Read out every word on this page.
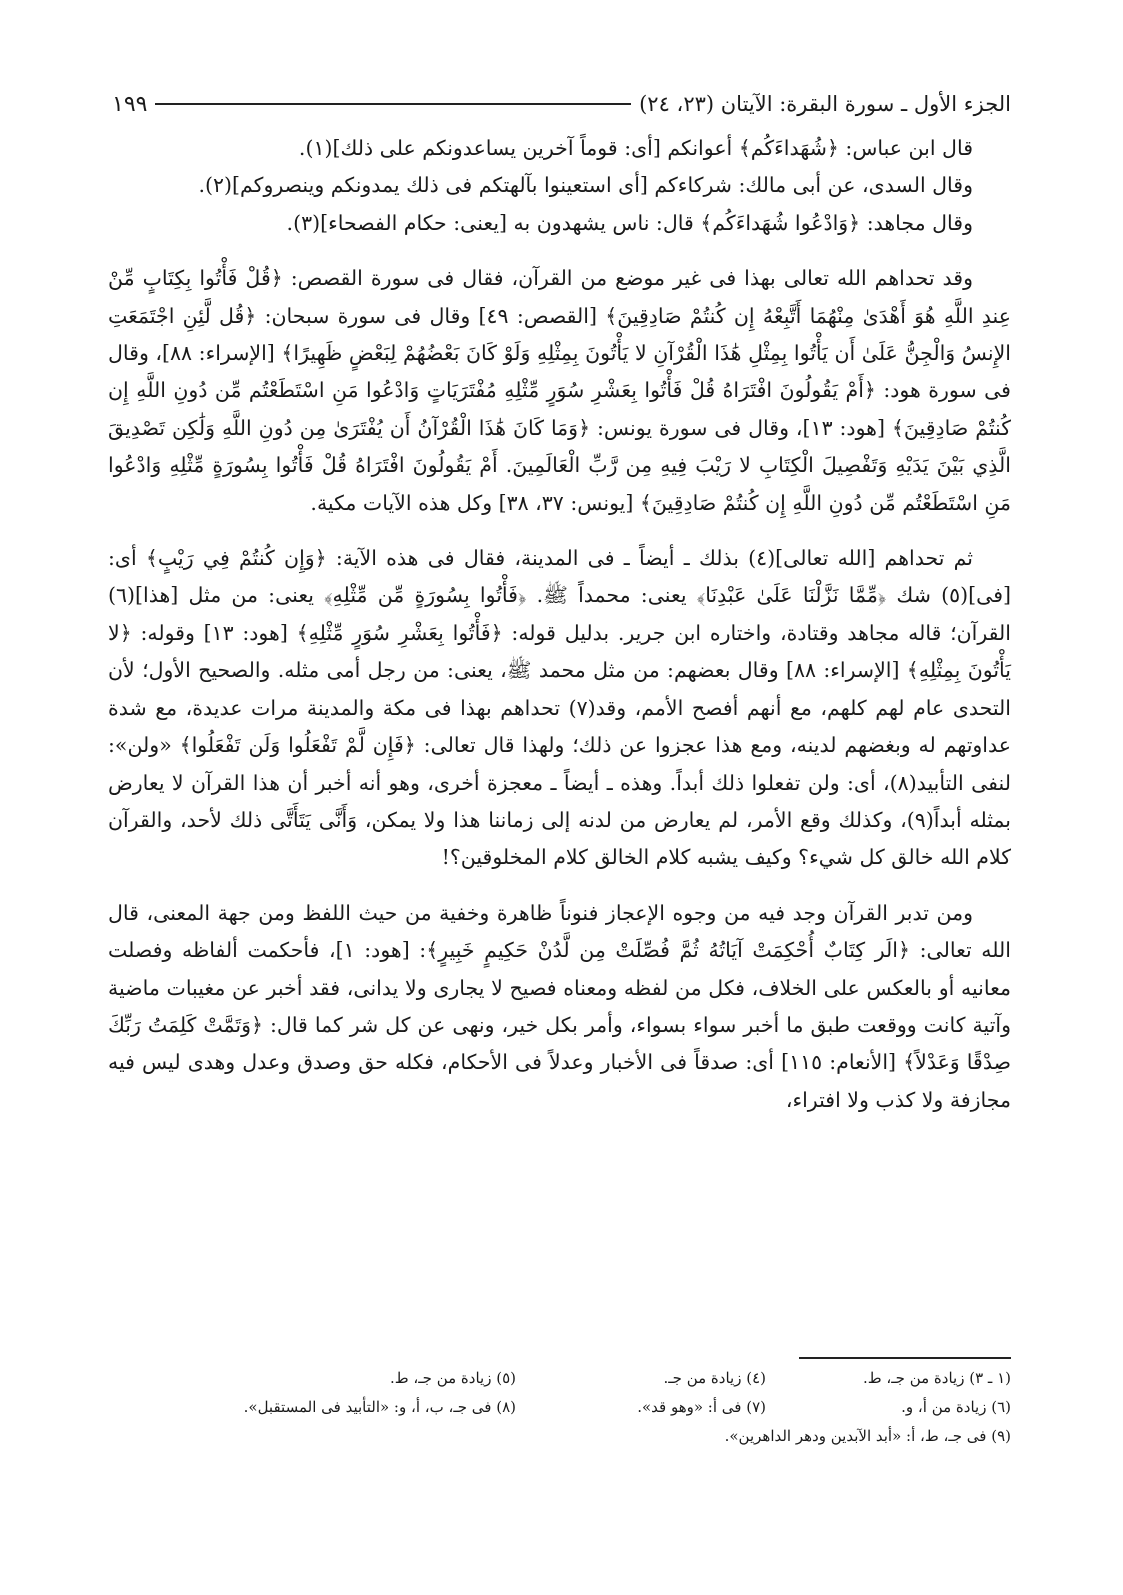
الجزء الأول ـ سورة البقرة: الآيتان (٢٣، ٢٤)
١٩٩

قال ابن عباس: ﴿شُهَداءَكُم﴾ أعوانكم [أى: قوماً آخرين يساعدونكم على ذلك](١).

وقال السدى، عن أبى مالك: شركاءكم [أى استعينوا بآلهتكم فى ذلك يمدونكم وينصروكم](٢).

وقال مجاهد: ﴿وَادْعُوا شُهَداءَكُم﴾ قال: ناس يشهدون به [يعنى: حكام الفصحاء](٣).

وقد تحداهم الله تعالى بهذا فى غير موضع من القرآن، فقال فى سورة القصص: ﴿قُلْ فَأْتُوا بِكِتَابٍ مِّنْ عِندِ اللَّهِ هُوَ أَهْدَىٰ مِنْهُمَا أَتَّبِعْهُ إِن كُنتُمْ صَادِقِينَ﴾ [القصص: ٤٩] وقال فى سورة سبحان: ﴿قُل لَّئِنِ اجْتَمَعَتِ الإِنسُ وَالْجِنُّ عَلَىٰ أَن يَأْتُوا بِمِثْلِ هَٰذَا الْقُرْآنِ لا يَأْتُونَ بِمِثْلِهِ وَلَوْ كَانَ بَعْضُهُمْ لِبَعْضٍ ظَهِيرًا﴾ [الإسراء: ٨٨]، وقال فى سورة هود: ﴿أَمْ يَقُولُونَ افْتَرَاهُ قُلْ فَأْتُوا بِعَشْرِ سُوَرٍ مِّثْلِهِ مُفْتَرَيَاتٍ وَادْعُوا مَنِ اسْتَطَعْتُم مِّن دُونِ اللَّهِ إِن كُنتُمْ صَادِقِينَ﴾ [هود: ١٣]، وقال فى سورة يونس: ﴿وَمَا كَانَ هَٰذَا الْقُرْآنُ أَن يُفْتَرَىٰ مِن دُونِ اللَّهِ وَلَٰكِن تَصْدِيقَ الَّذِي بَيْنَ يَدَيْهِ وَتَفْصِيلَ الْكِتَابِ لا رَيْبَ فِيهِ مِن رَّبِّ الْعَالَمِينَ. أَمْ يَقُولُونَ افْتَرَاهُ قُلْ فَأْتُوا بِسُورَةٍ مِّثْلِهِ وَادْعُوا مَنِ اسْتَطَعْتُم مِّن دُونِ اللَّهِ إِن كُنتُمْ صَادِقِينَ﴾ [يونس: ٣٧، ٣٨] وكل هذه الآيات مكية.

ثم تحداهم [الله تعالى](٤) بذلك ـ أيضاً ـ فى المدينة، فقال فى هذه الآية: ﴿وَإِن كُنتُمْ فِي رَيْبٍ﴾ أى: [فى](٥) شك ﴿مِّمَّا نَزَّلْنَا عَلَىٰ عَبْدِنَا﴾ يعنى: محمداً ﷺ. ﴿فَأْتُوا بِسُورَةٍ مِّن مِّثْلِهِ﴾ يعنى: من مثل [هذا](٦) القرآن؛ قاله مجاهد وقتادة، واختاره ابن جرير. بدليل قوله: ﴿فَأْتُوا بِعَشْرِ سُوَرٍ مِّثْلِهِ﴾ [هود: ١٣] وقوله: ﴿لا يَأْتُونَ بِمِثْلِهِ﴾ [الإسراء: ٨٨] وقال بعضهم: من مثل محمد ﷺ، يعنى: من رجل أمى مثله. والصحيح الأول؛ لأن التحدى عام لهم كلهم، مع أنهم أفصح الأمم، وقد(٧) تحداهم بهذا فى مكة والمدينة مرات عديدة، مع شدة عداوتهم له وبغضهم لدينه، ومع هذا عجزوا عن ذلك؛ ولهذا قال تعالى: ﴿فَإِن لَّمْ تَفْعَلُوا وَلَن تَفْعَلُوا﴾ «ولن»: لنفى التأبيد(٨)، أى: ولن تفعلوا ذلك أبداً. وهذه ـ أيضاً ـ معجزة أخرى، وهو أنه أخبر أن هذا القرآن لا يعارض بمثله أبداً(٩)، وكذلك وقع الأمر، لم يعارض من لدنه إلى زماننا هذا ولا يمكن، وَأَنَّى يَتَأَتَّى ذلك لأحد، والقرآن كلام الله خالق كل شيء؟ وكيف يشبه كلام الخالق كلام المخلوقين؟!

ومن تدبر القرآن وجد فيه من وجوه الإعجاز فنوناً ظاهرة وخفية من حيث اللفظ ومن جهة المعنى، قال الله تعالى: ﴿الَر كِتَابٌ أُحْكِمَتْ آيَاتُهُ ثُمَّ فُصِّلَتْ مِن لَّدُنْ حَكِيمٍ خَبِيرٍ﴾: [هود: ١]، فأحكمت ألفاظه وفصلت معانيه أو بالعكس على الخلاف، فكل من لفظه ومعناه فصيح لا يجارى ولا يدانى، فقد أخبر عن مغيبات ماضية وآتية كانت ووقعت طبق ما أخبر سواء بسواء، وأمر بكل خير، ونهى عن كل شر كما قال: ﴿وَتَمَّتْ كَلِمَتُ رَبِّكَ صِدْقًا وَعَدْلاً﴾ [الأنعام: ١١٥] أى: صدقاً فى الأخبار وعدلاً فى الأحكام، فكله حق وصدق وعدل وهدى ليس فيه مجازفة ولا كذب ولا افتراء،

(١ ـ ٣) زيادة من جـ، ط.
(٤) زيادة من جـ.
(٥) زيادة من جـ، ط.
(٦) زيادة من أ، و.
(٧) فى أ: «وهو قد».
(٨) فى جـ، ب، أ، و: «التأبيد فى المستقبل».
(٩) فى جـ، ط، أ: «أبد الآبدين ودهر الداهرين».
